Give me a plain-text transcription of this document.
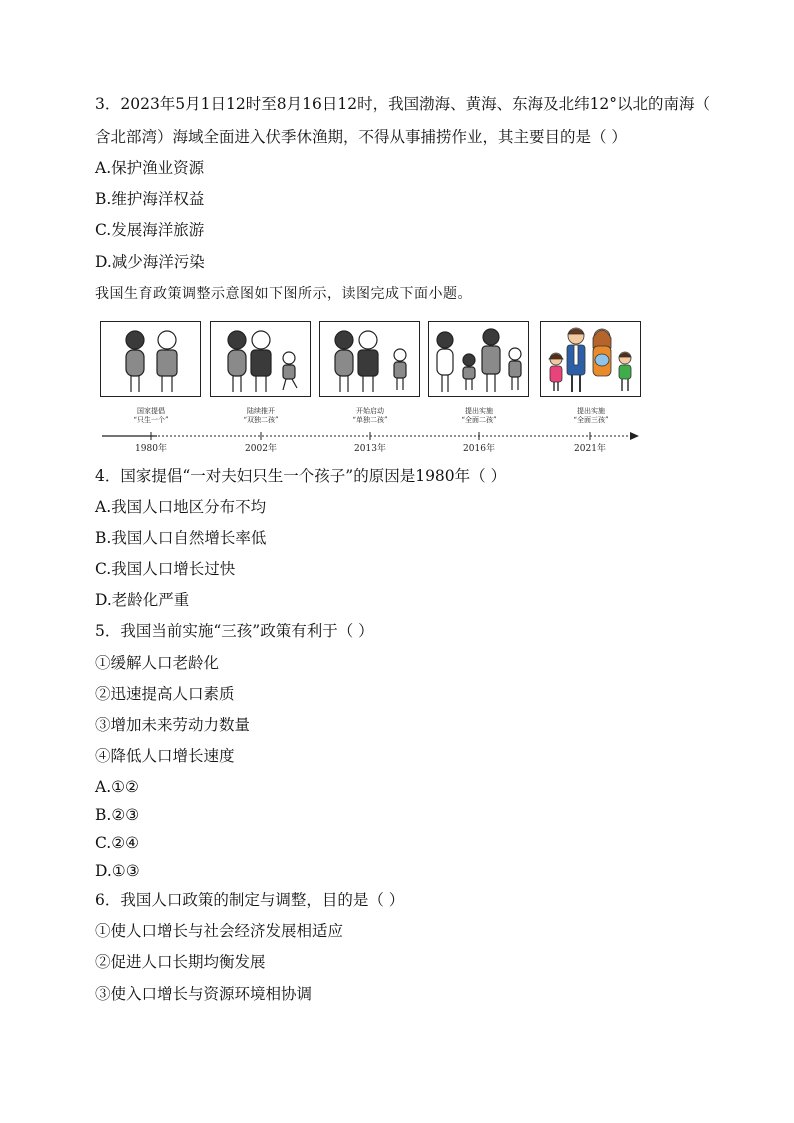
3．2023年5月1日12时至8月16日12时，我国渤海、黄海、东海及北纬12°以北的南海（
含北部湾）海域全面进入伏季休渔期，不得从事捕捞作业，其主要目的是（ ）
A.保护渔业资源
B.维护海洋权益
C.发展海洋旅游
D.减少海洋污染
我国生育政策调整示意图如下图所示，读图完成下面小题。
国家提倡
“只生一个”
陆续推开
“双独二孩”
开始启动
“单独二孩”
提出实施
“全面二孩”
提出实施
“全面三孩”
1980年	2002年	2013年	2016年	2021年
4．国家提倡“一对夫妇只生一个孩子”的原因是1980年（ ）
A.我国人口地区分布不均
B.我国人口自然增长率低
C.我国人口增长过快
D.老龄化严重
5．我国当前实施“三孩”政策有利于（ ）
①缓解人口老龄化
②迅速提高人口素质
③增加未来劳动力数量
④降低人口增长速度
A.①②
B.②③
C.②④
D.①③
6．我国人口政策的制定与调整，目的是（ ）
①使人口增长与社会经济发展相适应
②促进人口长期均衡发展
③使入口增长与资源环境相协调
